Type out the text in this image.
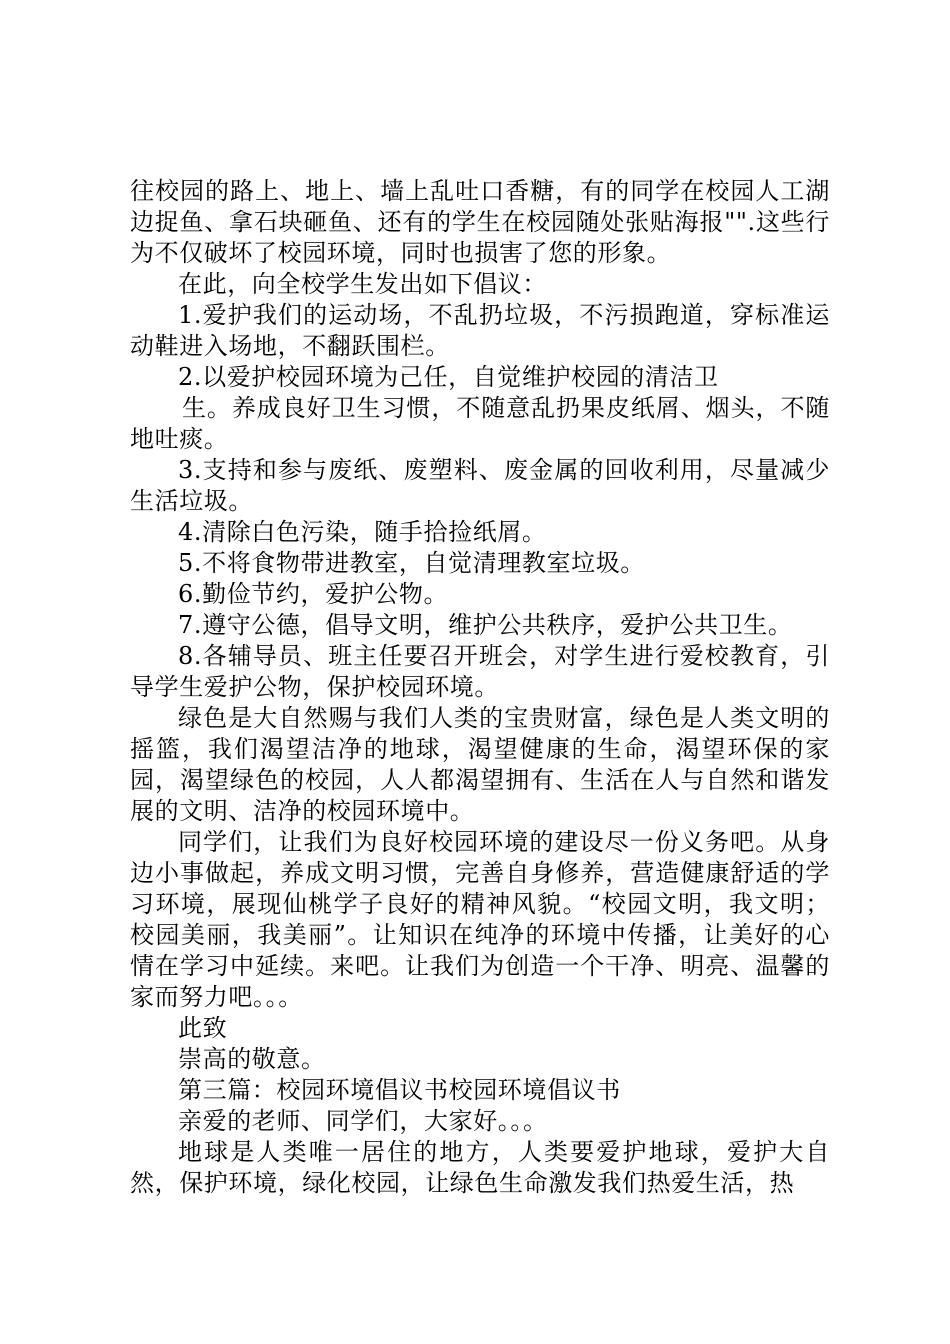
往校园的路上、地上、墙上乱吐口香糖，有的同学在校园人工湖边捉鱼、拿石块砸鱼、还有的学生在校园随处张贴海报"".这些行为不仅破坏了校园环境，同时也损害了您的形象。

在此，向全校学生发出如下倡议：

1.爱护我们的运动场，不乱扔垃圾，不污损跑道，穿标准运动鞋进入场地，不翻跃围栏。

2.以爱护校园环境为己任，自觉维护校园的清洁卫

生。养成良好卫生习惯，不随意乱扔果皮纸屑、烟头，不随地吐痰。

3.支持和参与废纸、废塑料、废金属的回收利用，尽量减少生活垃圾。

4.清除白色污染，随手拾捡纸屑。

5.不将食物带进教室，自觉清理教室垃圾。

6.勤俭节约，爱护公物。

7.遵守公德，倡导文明，维护公共秩序，爱护公共卫生。

8.各辅导员、班主任要召开班会，对学生进行爱校教育，引导学生爱护公物，保护校园环境。

绿色是大自然赐与我们人类的宝贵财富，绿色是人类文明的摇篮，我们渴望洁净的地球，渴望健康的生命，渴望环保的家园，渴望绿色的校园，人人都渴望拥有、生活在人与自然和谐发展的文明、洁净的校园环境中。

同学们，让我们为良好校园环境的建设尽一份义务吧。从身边小事做起，养成文明习惯，完善自身修养，营造健康舒适的学习环境，展现仙桃学子良好的精神风貌。“校园文明，我文明；校园美丽，我美丽”。让知识在纯净的环境中传播，让美好的心情在学习中延续。来吧。让我们为创造一个干净、明亮、温馨的家而努力吧。。。

此致

崇高的敬意。

第三篇：校园环境倡议书校园环境倡议书

亲爱的老师、同学们，大家好。。。

地球是人类唯一居住的地方，人类要爱护地球，爱护大自然，保护环境，绿化校园，让绿色生命激发我们热爱生活，热
